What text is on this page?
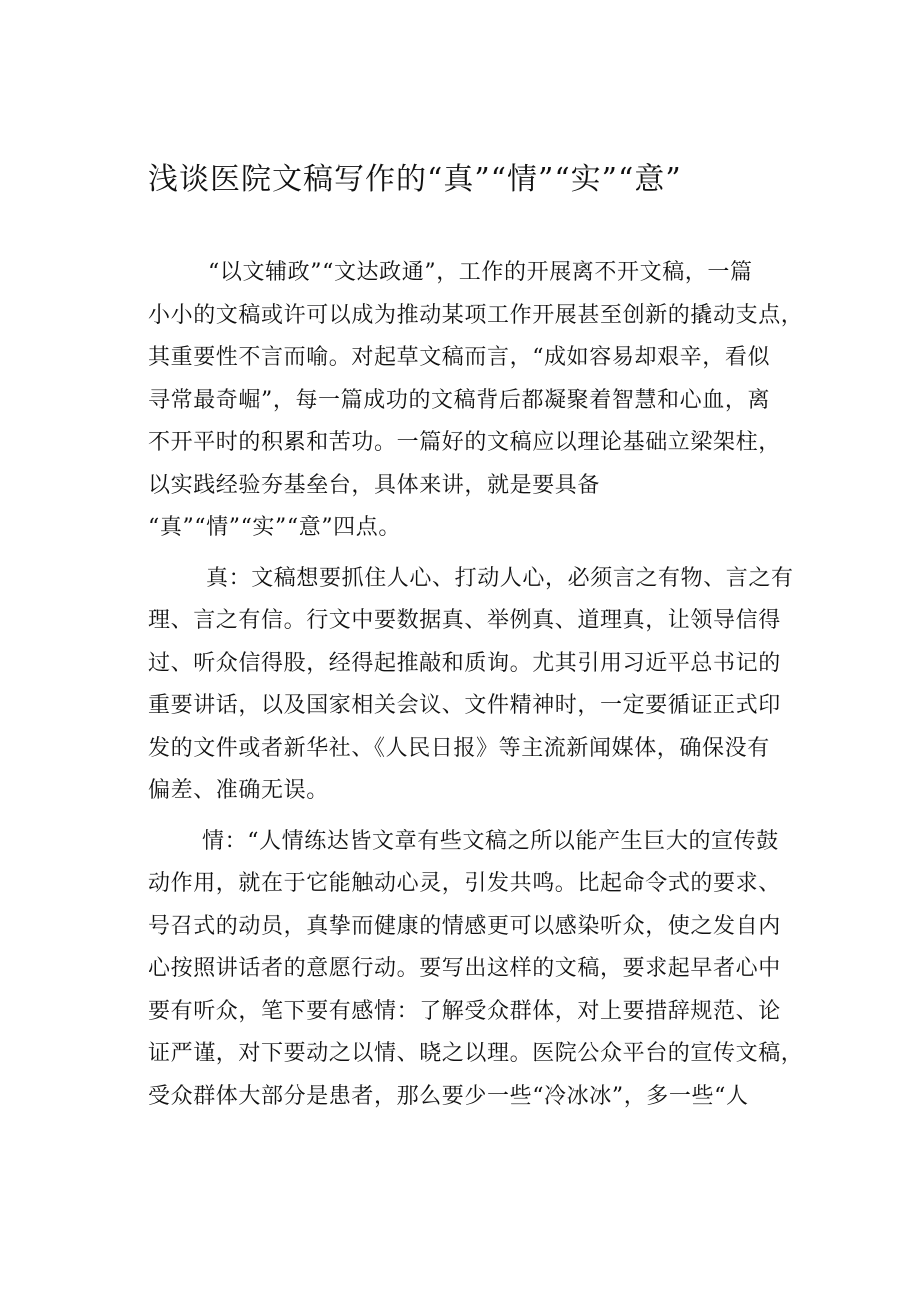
浅谈医院文稿写作的“真”“情”“实”“意”
“以文辅政”“文达政通”，工作的开展离不开文稿，一篇
小小的文稿或许可以成为推动某项工作开展甚至创新的撬动支点，
其重要性不言而喻。对起草文稿而言，“成如容易却艰辛，看似
寻常最奇崛”，每一篇成功的文稿背后都凝聚着智慧和心血，离
不开平时的积累和苦功。一篇好的文稿应以理论基础立梁架柱，
以实践经验夯基垒台，具体来讲，就是要具备
“真”“情”“实”“意”四点。
真：文稿想要抓住人心、打动人心，必须言之有物、言之有
理、言之有信。行文中要数据真、举例真、道理真，让领导信得
过、听众信得股，经得起推敲和质询。尤其引用习近平总书记的
重要讲话，以及国家相关会议、文件精神时，一定要循证正式印
发的文件或者新华社、《人民日报》等主流新闻媒体，确保没有
偏差、准确无误。
情：“人情练达皆文章有些文稿之所以能产生巨大的宣传鼓
动作用，就在于它能触动心灵，引发共鸣。比起命令式的要求、
号召式的动员，真挚而健康的情感更可以感染听众，使之发自内
心按照讲话者的意愿行动。要写出这样的文稿，要求起早者心中
要有听众，笔下要有感情：了解受众群体，对上要措辞规范、论
证严谨，对下要动之以情、晓之以理。医院公众平台的宣传文稿，
受众群体大部分是患者，那么要少一些“冷冰冰”，多一些“人
